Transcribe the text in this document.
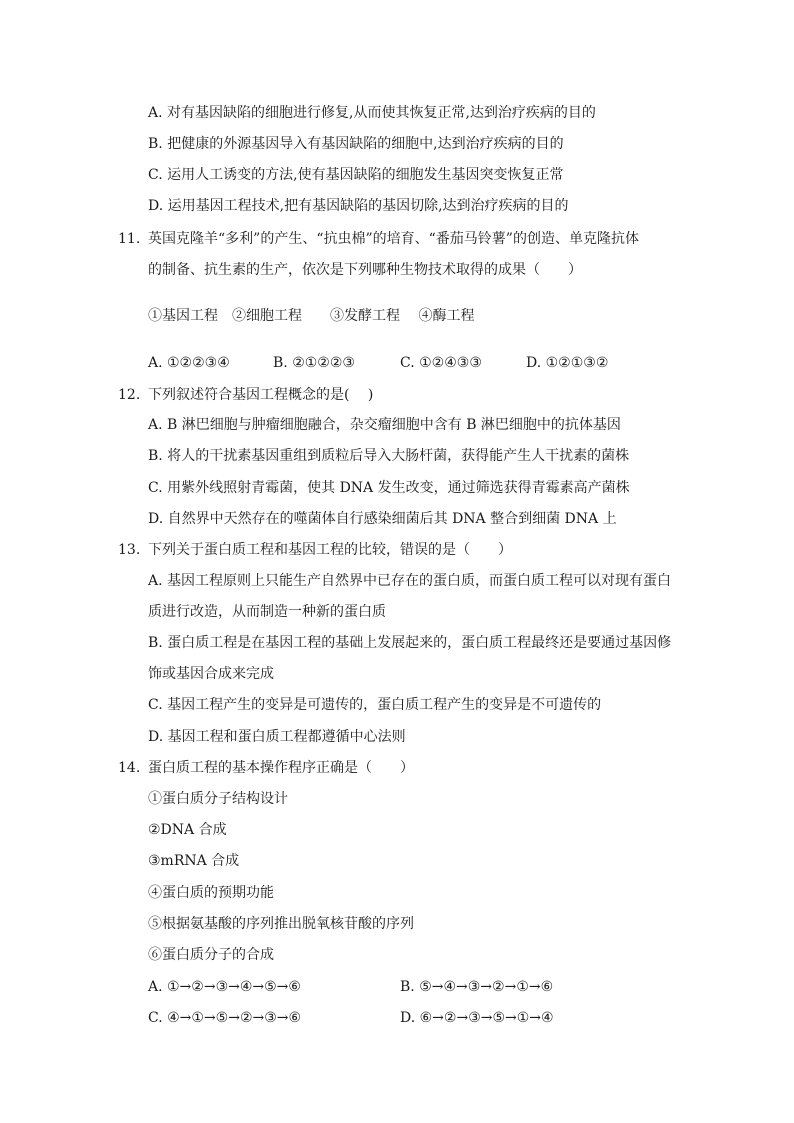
A. 对有基因缺陷的细胞进行修复,从而使其恢复正常,达到治疗疾病的目的
B. 把健康的外源基因导入有基因缺陷的细胞中,达到治疗疾病的目的
C. 运用人工诱变的方法,使有基因缺陷的细胞发生基因突变恢复正常
D. 运用基因工程技术,把有基因缺陷的基因切除,达到治疗疾病的目的
11. 英国克隆羊“多利”的产生、“抗虫棉”的培育、“番茄马铃薯”的创造、单克隆抗体
的制备、抗生素的生产，依次是下列哪种生物技术取得的成果（　　）
①基因工程　②细胞工程　　③发酵工程　 ④酶工程
A. ①②②③④	B. ②①②②③	C. ①②④③③	D. ①②①③②
12. 下列叙述符合基因工程概念的是(　 )
A. B 淋巴细胞与肿瘤细胞融合，杂交瘤细胞中含有 B 淋巴细胞中的抗体基因
B. 将人的干扰素基因重组到质粒后导入大肠杆菌，获得能产生人干扰素的菌株
C. 用紫外线照射青霉菌，使其 DNA 发生改变，通过筛选获得青霉素高产菌株
D. 自然界中天然存在的噬菌体自行感染细菌后其 DNA 整合到细菌 DNA 上
13. 下列关于蛋白质工程和基因工程的比较，错误的是（　　）
A. 基因工程原则上只能生产自然界中已存在的蛋白质，而蛋白质工程可以对现有蛋白
质进行改造，从而制造一种新的蛋白质
B. 蛋白质工程是在基因工程的基础上发展起来的，蛋白质工程最终还是要通过基因修
饰或基因合成来完成
C. 基因工程产生的变异是可遗传的，蛋白质工程产生的变异是不可遗传的
D. 基因工程和蛋白质工程都遵循中心法则
14. 蛋白质工程的基本操作程序正确是（　　）
①蛋白质分子结构设计
②DNA 合成
③mRNA 合成
④蛋白质的预期功能
⑤根据氨基酸的序列推出脱氧核苷酸的序列
⑥蛋白质分子的合成
A. ①→②→③→④→⑤→⑥	B. ⑤→④→③→②→①→⑥
C. ④→①→⑤→②→③→⑥	D. ⑥→②→③→⑤→①→④
